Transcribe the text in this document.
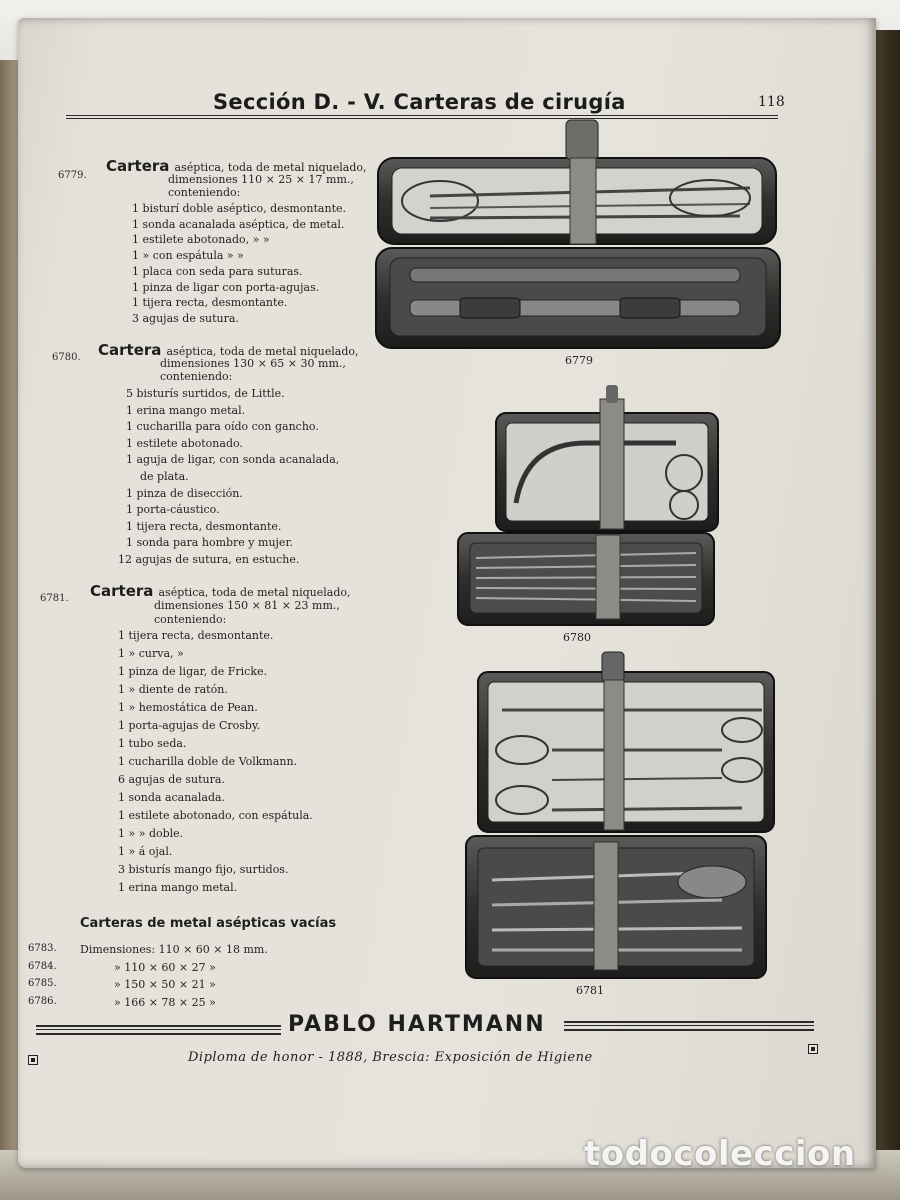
Sección D. - V. Carteras de cirugía	118
6779.
Cartera aséptica, toda de metal niquelado,
dimensiones 110 × 25 × 17 mm.,
conteniendo:
1 bisturí doble aséptico, desmontante.
1 sonda acanalada aséptica, de metal.
1 estilete abotonado, » »
1 » con espátula » »
1 placa con seda para suturas.
1 pinza de ligar con porta-agujas.
1 tijera recta, desmontante.
3 agujas de sutura.
6780. Cartera aséptica, toda de metal niquelado,
dimensiones 130 × 65 × 30 mm.,
conteniendo:
5 bisturís surtidos, de Little.
1 erina mango metal.
1 cucharilla para oído con gancho.
1 estilete abotonado.
1 aguja de ligar, con sonda acanalada,
de plata.
1 pinza de disección.
1 porta-cáustico.
1 tijera recta, desmontante.
1 sonda para hombre y mujer.
12 agujas de sutura, en estuche.
6781. Cartera aséptica, toda de metal niquelado,
dimensiones 150 × 81 × 23 mm.,
conteniendo:
1 tijera recta, desmontante.
1 » curva, »
1 pinza de ligar, de Fricke.
1 » diente de ratón.
1 » hemostática de Pean.
1 porta-agujas de Crosby.
1 tubo seda.
1 cucharilla doble de Volkmann.
6 agujas de sutura.
1 sonda acanalada.
1 estilete abotonado, con espátula.
1 » » doble.
1 » á ojal.
3 bisturís mango fijo, surtidos.
1 erina mango metal.
Carteras de metal asépticas vacías
6783. Dimensiones: 110 × 60 × 18 mm.
6784.	» 110 × 60 × 27 »
6785.	» 150 × 50 × 21 »
6786.	» 166 × 78 × 25 »
6779
6780
6781
PABLO HARTMANN
Diploma de honor - 1888, Brescia: Exposición de Higiene
todocoleccion
